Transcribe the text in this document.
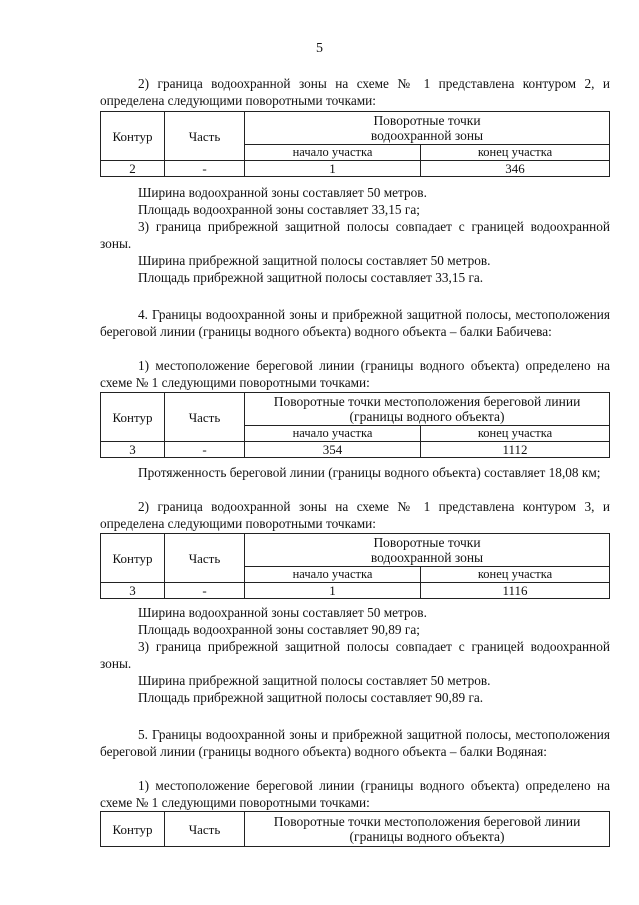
5

2) граница водоохранной зоны на схеме № 1 представлена контуром 2, и определена следующими поворотными точками:

Контур	Часть	Поворотные точки
водоохранной зоны	
		начало участка	конец участка
2	-	1	346

Ширина водоохранной зоны составляет 50 метров.

Площадь водоохранной зоны составляет 33,15 га;

3) граница прибрежной защитной полосы совпадает с границей водоохранной зоны.

Ширина прибрежной защитной полосы составляет 50 метров.

Площадь прибрежной защитной полосы составляет 33,15 га.

4. Границы водоохранной зоны и прибрежной защитной полосы, местоположения береговой линии (границы водного объекта) водного объекта – балки Бабичева:

1) местоположение береговой линии (границы водного объекта) определено на схеме № 1 следующими поворотными точками:

Контур	Часть	Поворотные точки местоположения береговой линии
(границы водного объекта)	
		начало участка	конец участка
3	-	354	1112

Протяженность береговой линии (границы водного объекта) составляет 18,08 км;

2) граница водоохранной зоны на схеме № 1 представлена контуром 3, и определена следующими поворотными точками:

Контур	Часть	Поворотные точки
водоохранной зоны	
		начало участка	конец участка
3	-	1	1116

Ширина водоохранной зоны составляет 50 метров.

Площадь водоохранной зоны составляет 90,89 га;

3) граница прибрежной защитной полосы совпадает с границей водоохранной зоны.

Ширина прибрежной защитной полосы составляет 50 метров.

Площадь прибрежной защитной полосы составляет 90,89 га.

5. Границы водоохранной зоны и прибрежной защитной полосы, местоположения береговой линии (границы водного объекта) водного объекта – балки Водяная:

1) местоположение береговой линии (границы водного объекта) определено на схеме № 1 следующими поворотными точками:

Контур	Часть	Поворотные точки местоположения береговой линии
(границы водного объекта)
